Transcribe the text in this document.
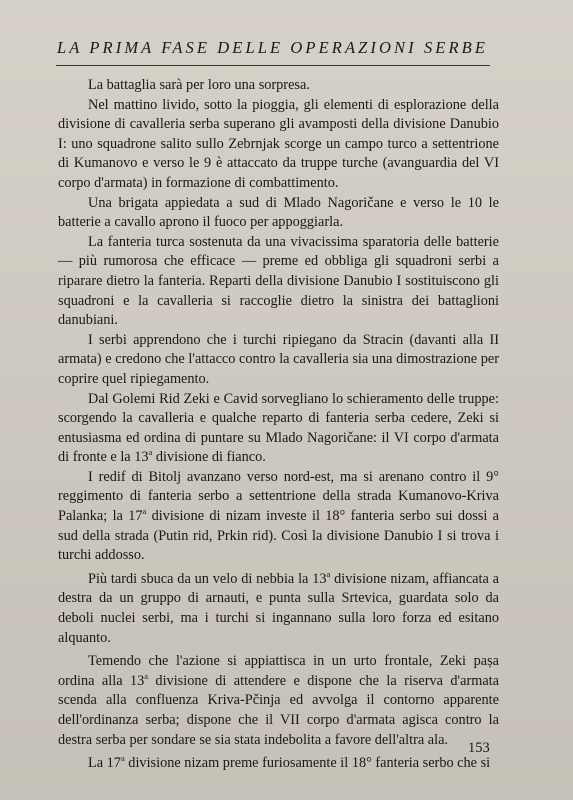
LA PRIMA FASE DELLE OPERAZIONI SERBE

La battaglia sarà per loro una sorpresa.

Nel mattino livido, sotto la pioggia, gli elementi di esplorazione della divisione di cavalleria serba superano gli avamposti della divisione Danubio I: uno squadrone salito sullo Zebrnjak scorge un campo turco a settentrione di Kumanovo e verso le 9 è attaccato da truppe turche (avanguardia del VI corpo d'armata) in formazione di combattimento.

Una brigata appiedata a sud di Mlado Nagoričane e verso le 10 le batterie a cavallo aprono il fuoco per appoggiarla.

La fanteria turca sostenuta da una vivacissima sparatoria delle batterie — più rumorosa che efficace — preme ed obbliga gli squadroni serbi a riparare dietro la fanteria. Reparti della divisione Danubio I sostituiscono gli squadroni e la cavalleria si raccoglie dietro la sinistra dei battaglioni danubiani.

I serbi apprendono che i turchi ripiegano da Stracin (davanti alla II armata) e credono che l'attacco contro la cavalleria sia una dimostrazione per coprire quel ripiegamento.

Dal Golemi Rid Zeki e Cavid sorvegliano lo schieramento delle truppe: scorgendo la cavalleria e qualche reparto di fanteria serba cedere, Zeki si entusiasma ed ordina di puntare su Mlado Nagoričane: il VI corpo d'armata di fronte e la 13$^a$ divisione di fianco.

I redif di Bitolj avanzano verso nord-est, ma si arenano contro il 9° reggimento di fanteria serbo a settentrione della strada Kumanovo-Kriva Palanka; la 17$^a$ divisione di nizam investe il 18° fanteria serbo sui dossi a sud della strada (Putin rid, Prkin rid). Così la divisione Danubio I si trova i turchi addosso.

Più tardi sbuca da un velo di nebbia la 13$^a$ divisione nizam, affiancata a destra da un gruppo di arnauti, e punta sulla Srtevica, guardata solo da deboli nuclei serbi, ma i turchi si ingannano sulla loro forza ed esitano alquanto.

Temendo che l'azione si appiattisca in un urto frontale, Zeki pașa ordina alla 13$^a$ divisione di attendere e dispone che la riserva d'armata scenda alla confluenza Kriva-Pčinja ed avvolga il contorno apparente dell'ordinanza serba; dispone che il VII corpo d'armata agisca contro la destra serba per sondare se sia stata indebolita a favore dell'altra ala.

La 17$^a$ divisione nizam preme furiosamente il 18° fanteria serbo che si

153
